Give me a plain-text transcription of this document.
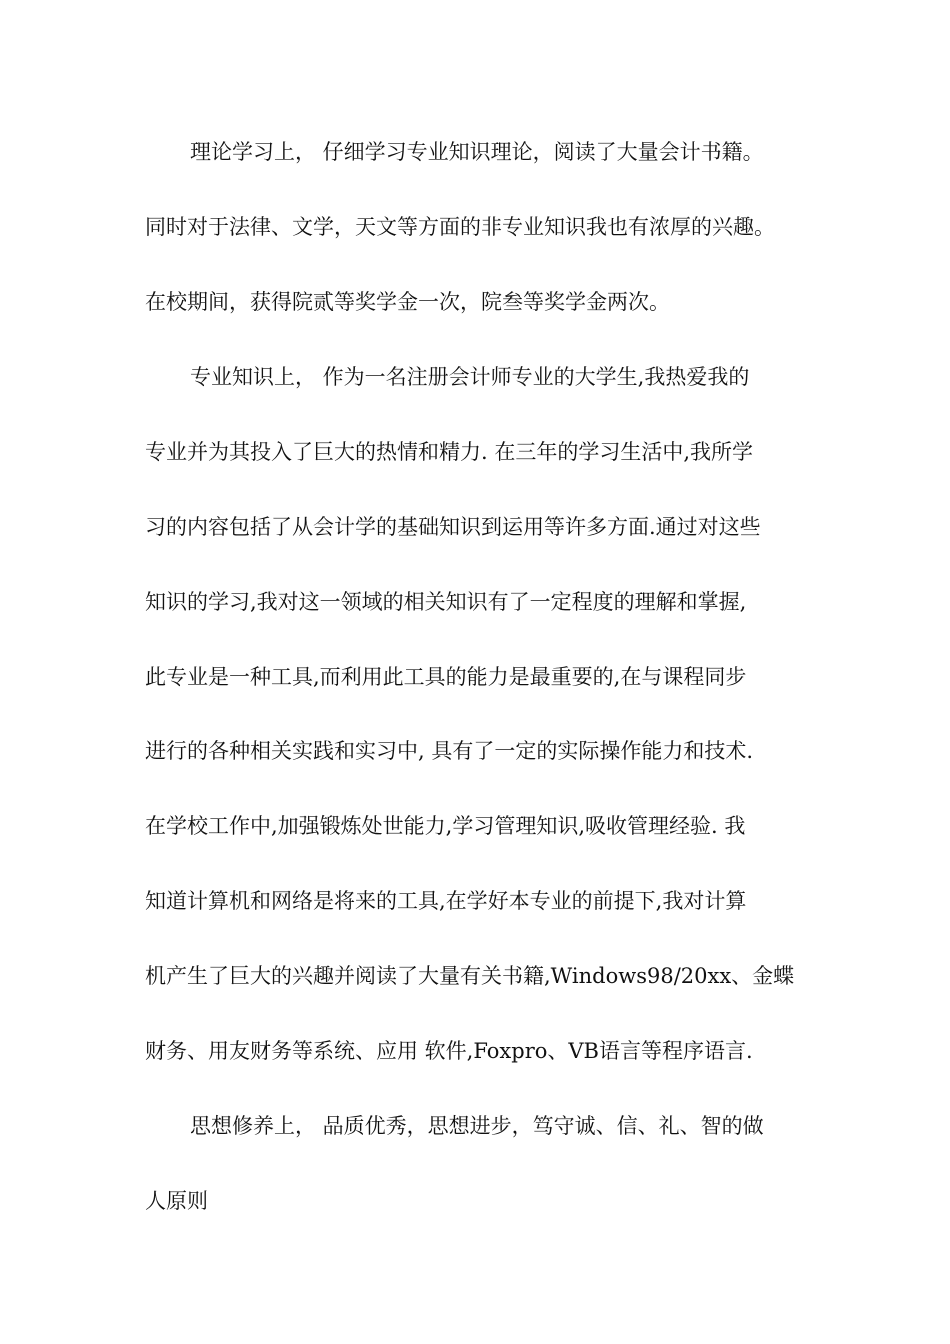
理论学习上， 仔细学习专业知识理论，阅读了大量会计书籍。
同时对于法律、文学，天文等方面的非专业知识我也有浓厚的兴趣。
在校期间，获得院贰等奖学金一次，院叁等奖学金两次。
专业知识上， 作为一名注册会计师专业的大学生,我热爱我的
专业并为其投入了巨大的热情和精力. 在三年的学习生活中,我所学
习的内容包括了从会计学的基础知识到运用等许多方面.通过对这些
知识的学习,我对这一领域的相关知识有了一定程度的理解和掌握,
此专业是一种工具,而利用此工具的能力是最重要的,在与课程同步
进行的各种相关实践和实习中, 具有了一定的实际操作能力和技术.
在学校工作中,加强锻炼处世能力,学习管理知识,吸收管理经验. 我
知道计算机和网络是将来的工具,在学好本专业的前提下,我对计算
机产生了巨大的兴趣并阅读了大量有关书籍,Windows98/20xx、金蝶
财务、用友财务等系统、应用 软件,Foxpro、VB语言等程序语言.
思想修养上， 品质优秀，思想进步，笃守诚、信、礼、智的做
人原则
